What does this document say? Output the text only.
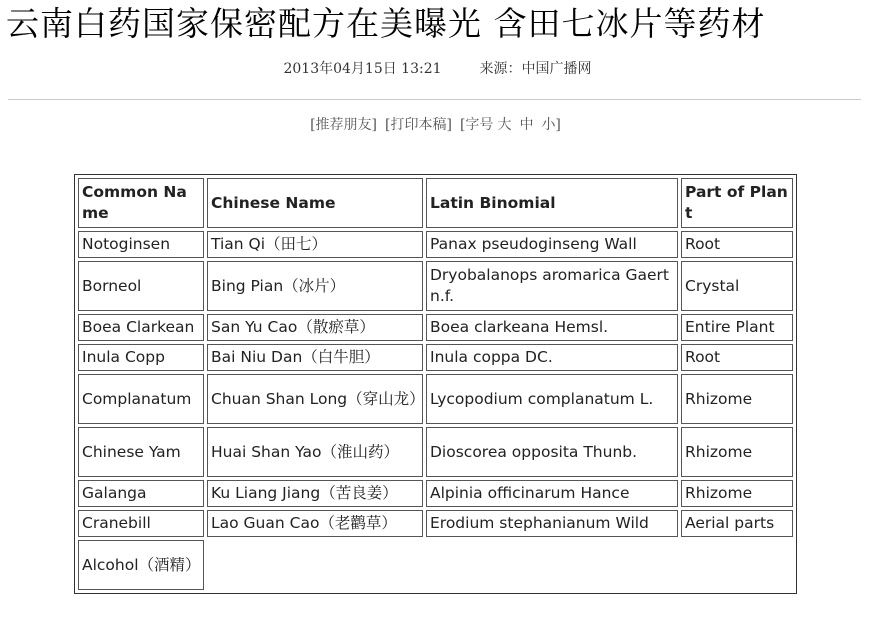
云南白药国家保密配方在美曝光 含田七冰片等药材
2013年04月15日 13:21	来源：中国广播网
[推荐朋友] [打印本稿] [字号 大 中 小]
Common Name	Chinese Name	Latin Binomial	Part of Plant
Notoginsen	Tian Qi（田七）	Panax pseudoginseng Wall	Root
Borneol	Bing Pian（冰片）	Dryobalanops aromarica Gaertn.f.	Crystal
Boea Clarkean	San Yu Cao（散瘀草）	Boea clarkeana Hemsl.	Entire Plant
Inula Copp	Bai Niu Dan（白牛胆）	Inula coppa DC.	Root
Complanatum	Chuan Shan Long（穿山龙）	Lycopodium complanatum L.	Rhizome
Chinese Yam	Huai Shan Yao（淮山药）	Dioscorea opposita Thunb.	Rhizome
Galanga	Ku Liang Jiang（苦良姜）	Alpinia officinarum Hance	Rhizome
Cranebill	Lao Guan Cao（老鹳草）	Erodium stephanianum Wild	Aerial parts
Alcohol（酒精）			
